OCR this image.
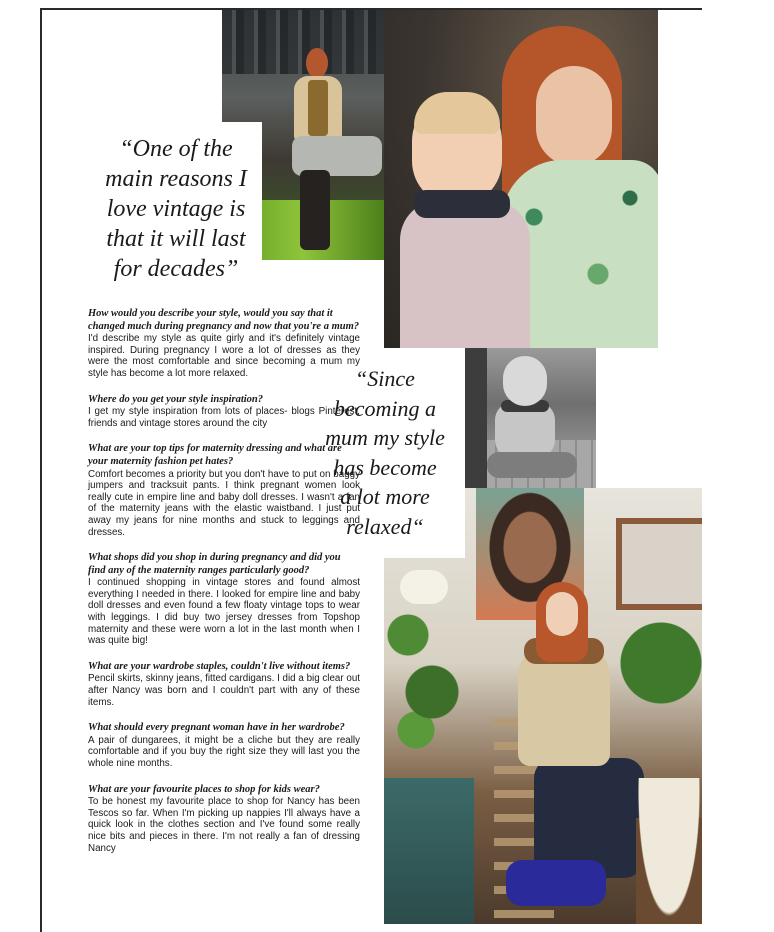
“One of the
main reasons I
love vintage is
that it will last
for decades”
“Since
becoming a
mum my style
has become
a lot more
relaxed“

How would you describe your style, would you say that it changed much during pregnancy and now that you're a mum?

I'd describe my style as quite girly and it's definitely vintage inspired. During pregnancy I wore a lot of dresses as they were the most comfortable and since becoming a mum my style has become a lot more relaxed.

Where do you get your style inspiration?

I get my style inspiration from lots of places- blogs Pinterest, friends and vintage stores around the city

What are your top tips for maternity dressing and what are your maternity fashion pet hates?

Comfort becomes a priority but you don't have to put on baggy jumpers and tracksuit pants. I think pregnant women look really cute in empire line and baby doll dresses. I wasn't a fan of the maternity jeans with the elastic waistband. I just put away my jeans for nine months and stuck to leggings and dresses.

What shops did you shop in during pregnancy and did you find any of the maternity ranges particularly good?

I continued shopping in vintage stores and found almost everything I needed in there. I looked for empire line and baby doll dresses and even found a few floaty vintage tops to wear with leggings. I did buy two jersey dresses from Topshop maternity and these were worn a lot in the last month when I was quite big!

What are your wardrobe staples, couldn't live without items?

Pencil skirts, skinny jeans, fitted cardigans. I did a big clear out after Nancy was born and I couldn't part with any of these items.

What should every pregnant woman have in her wardrobe?

A pair of dungarees, it might be a cliche but they are really comfortable and if you buy the right size they will last you the whole nine months.

What are your favourite places to shop for kids wear?

To be honest my favourite place to shop for Nancy has been Tescos so far. When I'm picking up nappies I'll always have a quick look in the clothes section and I've found some really nice bits and pieces in there. I'm not really a fan of dressing Nancy
